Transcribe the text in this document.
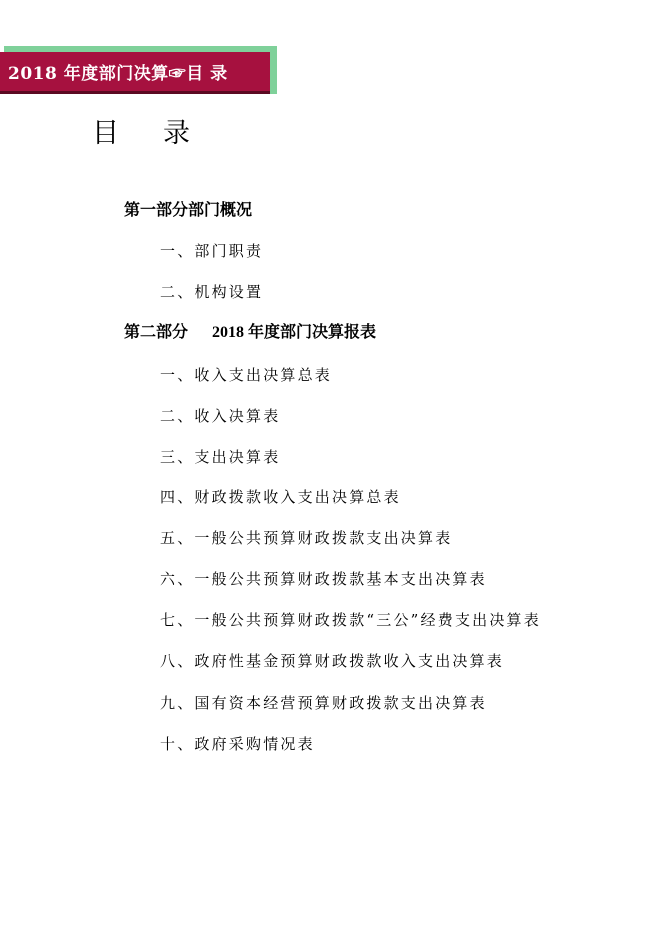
2018 年度部门决算☞目 录
目录
第一部分部门概况
一、部门职责
二、机构设置
第二部分      2018 年度部门决算报表
一、收入支出决算总表
二、收入决算表
三、支出决算表
四、财政拨款收入支出决算总表
五、一般公共预算财政拨款支出决算表
六、一般公共预算财政拨款基本支出决算表
七、一般公共预算财政拨款“三公”经费支出决算表
八、政府性基金预算财政拨款收入支出决算表
九、国有资本经营预算财政拨款支出决算表
十、政府采购情况表
